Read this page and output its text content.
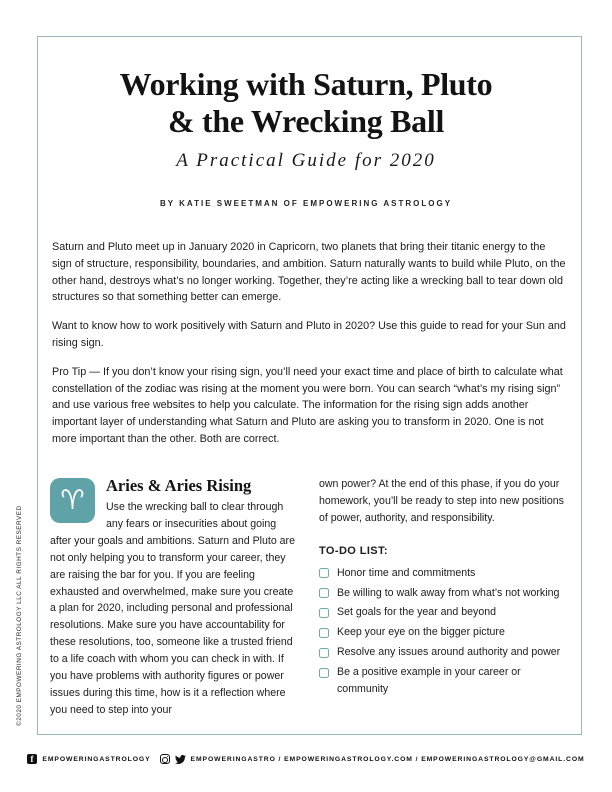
©2020 EMPOWERING ASTROLOGY LLC ALL RIGHTS RESERVED
Working with Saturn, Pluto
& the Wrecking Ball
A Practical Guide for 2020
BY KATIE SWEETMAN OF EMPOWERING ASTROLOGY

Saturn and Pluto meet up in January 2020 in Capricorn, two planets that bring their titanic energy to the sign of structure, responsibility, boundaries, and ambition. Saturn naturally wants to build while Pluto, on the other hand, destroys what’s no longer working. Together, they’re acting like a wrecking ball to tear down old structures so that something better can emerge.

Want to know how to work positively with Saturn and Pluto in 2020? Use this guide to read for your Sun and rising sign.

Pro Tip — If you don’t know your rising sign, you’ll need your exact time and place of birth to calculate what constellation of the zodiac was rising at the moment you were born. You can search “what’s my rising sign” and use various free websites to help you calculate. The information for the rising sign adds another important layer of understanding what Saturn and Pluto are asking you to transform in 2020. One is not more important than the other. Both are correct.

♈	Aries & Aries Rising
Use the wrecking ball to clear through any fears or insecurities about going after your goals and ambitions. Saturn and Pluto are not only helping you to transform your career, they are raising the bar for you. If you are feeling exhausted and overwhelmed, make sure you create a plan for 2020, including personal and professional resolutions. Make sure you have accountability for these resolutions, too, someone like a trusted friend to a life coach with whom you can check in with. If you have problems with authority figures or power issues during this time, how is it a reflection where you need to step into your
own power? At the end of this phase, if you do your homework, you’ll be ready to step into new positions of power, authority, and responsibility.
TO-DO LIST:
Honor time and commitments
Be willing to walk away from what’s not working
Set goals for the year and beyond
Keep your eye on the bigger picture
Resolve any issues around authority and power
Be a positive example in your career or community
f	EMPOWERINGASTROLOGY	EMPOWERINGASTRO / EMPOWERINGASTROLOGY.COM / EMPOWERINGASTROLOGY@GMAIL.COM
